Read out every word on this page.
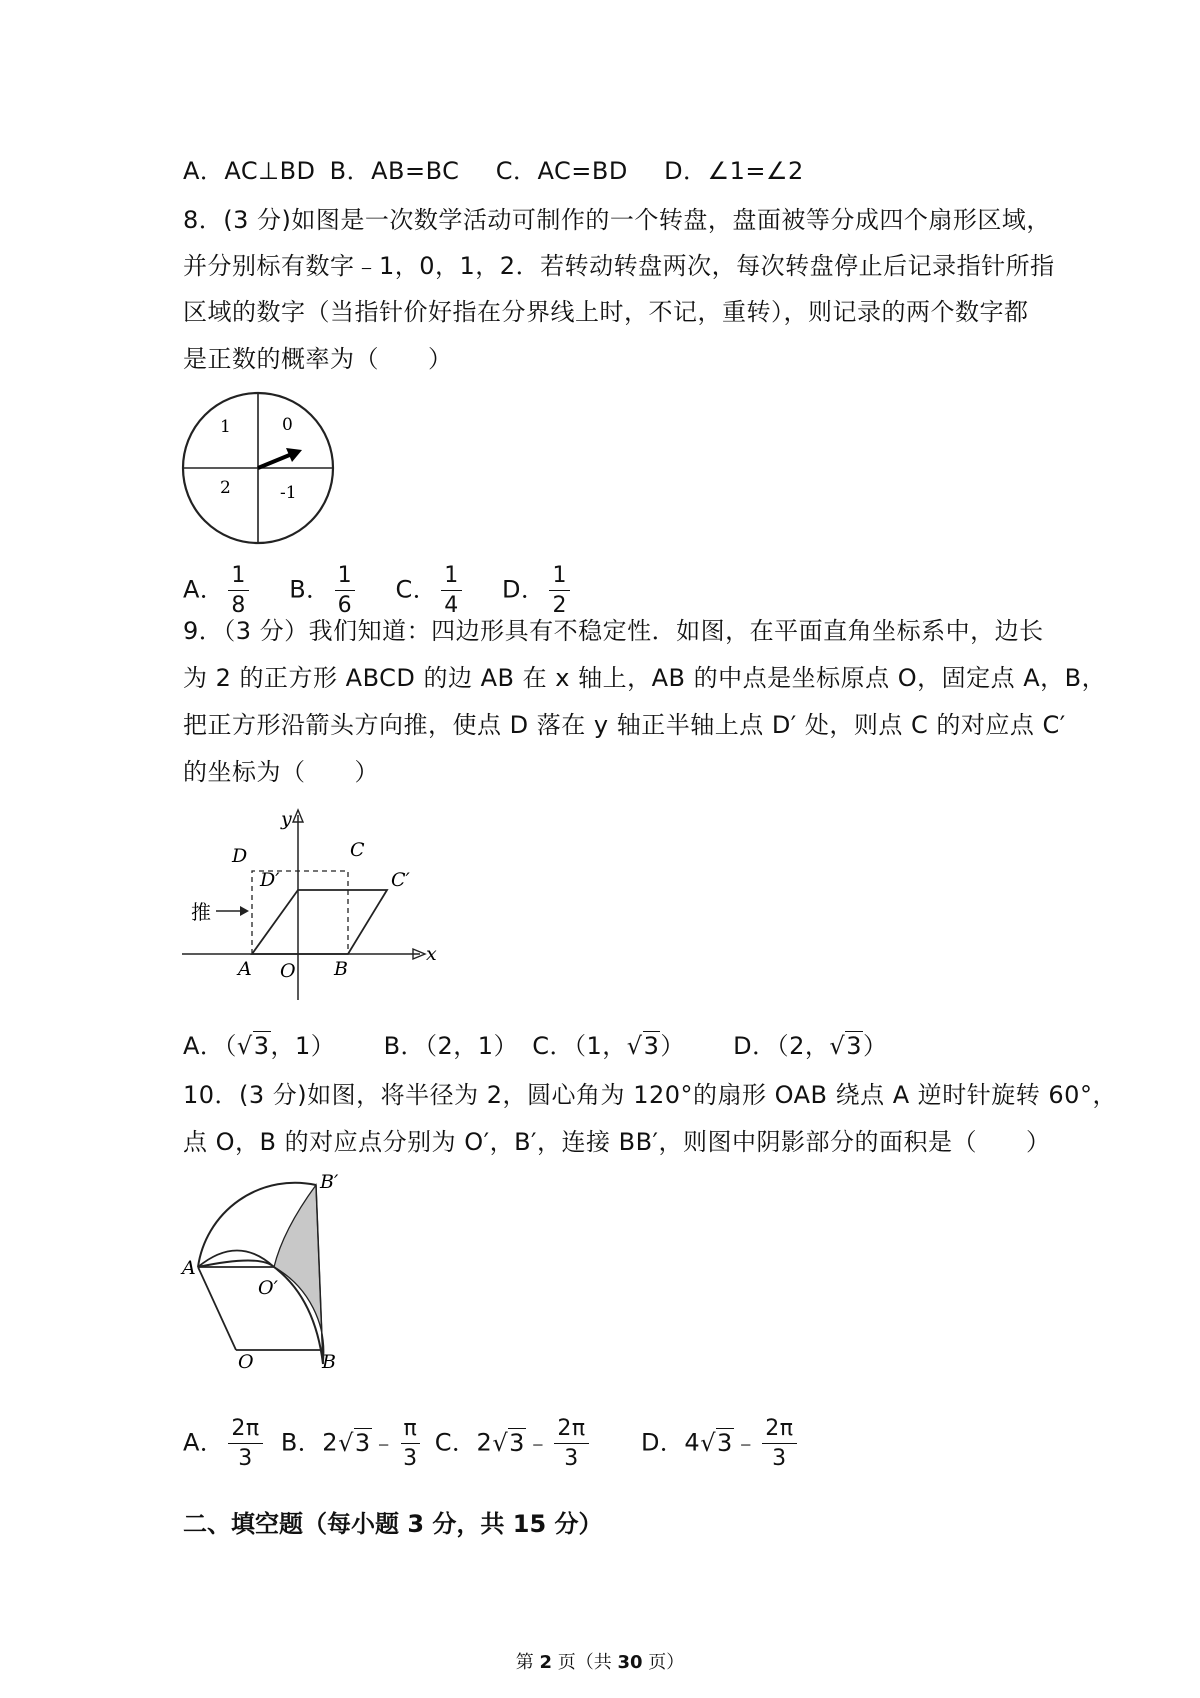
A．AC⊥BD B．AB=BC C．AC=BD D．∠1=∠2
8．(3 分)如图是一次数学活动可制作的一个转盘，盘面被等分成四个扇形区域，
并分别标有数字﹣1，0，1，2．若转动转盘两次，每次转盘停止后记录指针所指
区域的数字（当指针价好指在分界线上时，不记，重转），则记录的两个数字都
是正数的概率为（　　）
1	0
2	-1
A． $\frac{1}{8}$ B． $\frac{1}{6}$ C． $\frac{1}{4}$ D． $\frac{1}{2}$
9．（3 分）我们知道：四边形具有不稳定性．如图，在平面直角坐标系中，边长
为 2 的正方形 ABCD 的边 AB 在 x 轴上，AB 的中点是坐标原点 O，固定点 A，B，
把正方形沿箭头方向推，使点 D 落在 y 轴正半轴上点 D′ 处，则点 C 的对应点 C′
的坐标为（　　）
推
y
x
D	C
D′	C′
A O B
A．（√3，1） B．（2，1） C．（1，√3） D．（2，√3）
10．(3 分)如图，将半径为 2，圆心角为 120°的扇形 OAB 绕点 A 逆时针旋转 60°，
点 O，B 的对应点分别为 O′，B′，连接 BB′，则图中阴影部分的面积是（　　）
A
O′
O	B
B′
A． $\frac{2\pi}{3}$ B．2√3﹣ $\frac{\pi}{3}$ C．2√3﹣ $\frac{2\pi}{3}$ D．4√3﹣ $\frac{2\pi}{3}$
二、填空题（每小题 3 分，共 15 分）
第 2 页（共 30 页）
